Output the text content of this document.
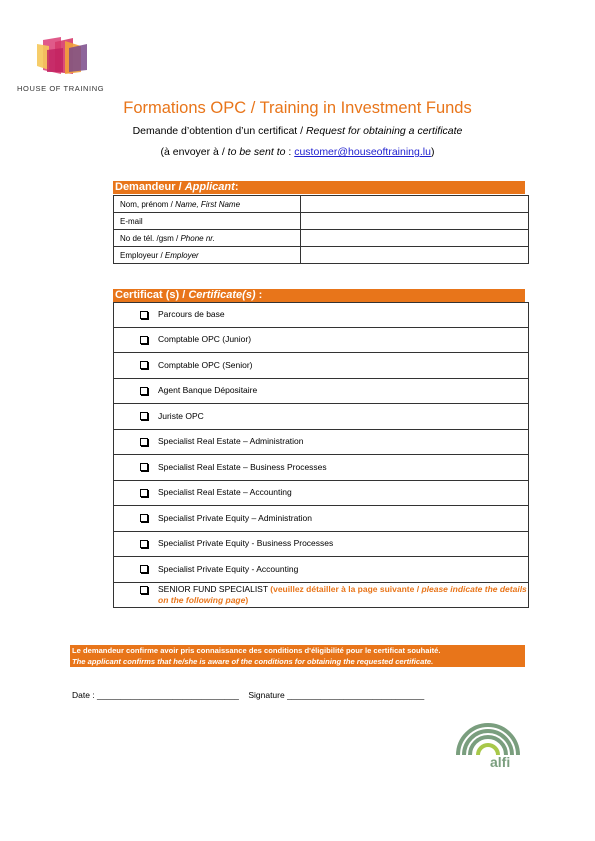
HOUSE OF TRAINING
Formations OPC / Training in Investment Funds
Demande d’obtention d’un certificat / Request for obtaining a certificate
(à envoyer à / to be sent to : customer@houseoftraining.lu)
Demandeur / Applicant:
Nom, prénom / Name, First Name	
E-mail	
No de tél. /gsm / Phone nr.	
Employeur / Employer	
Certificat (s) / Certificate(s) :
Parcours de base
Comptable OPC (Junior)
Comptable OPC (Senior)
Agent Banque Dépositaire
Juriste OPC
Specialist Real Estate – Administration
Specialist Real Estate – Business Processes
Specialist Real Estate – Accounting
Specialist Private Equity – Administration
Specialist Private Equity - Business Processes
Specialist Private Equity - Accounting
SENIOR FUND SPECIALIST (veuillez détailler à la page suivante / please indicate the details on the following page)
Le demandeur confirme avoir pris connaissance des conditions d'éligibilité pour le certificat souhaité.
The applicant confirms that he/she is aware of the conditions for obtaining the requested certificate.
Date : ______________________________ Signature _____________________________
alfi
